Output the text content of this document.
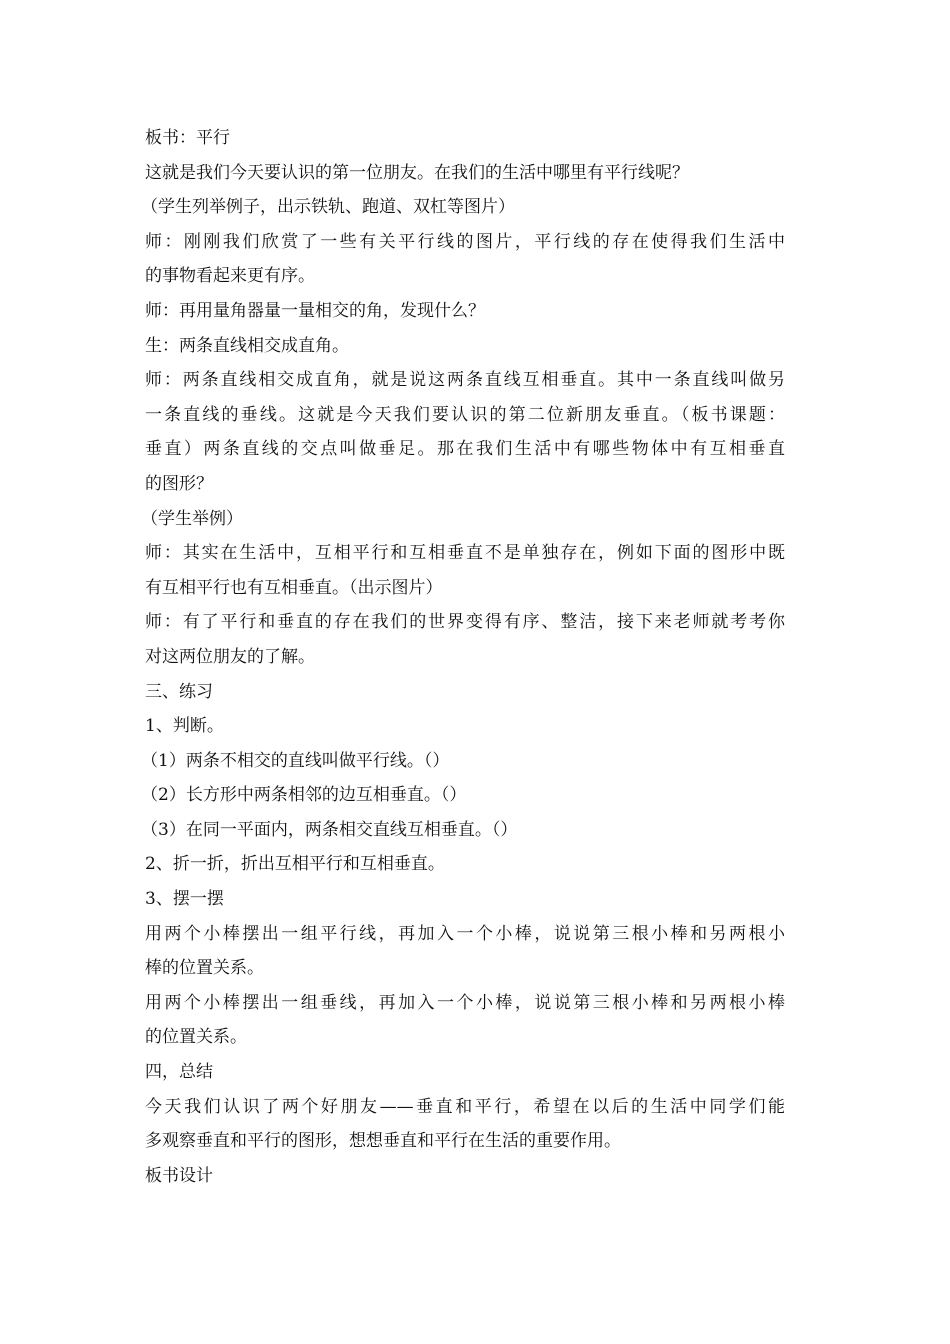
板书：平行
这就是我们今天要认识的第一位朋友。在我们的生活中哪里有平行线呢？
（学生列举例子，出示铁轨、跑道、双杠等图片）
师：刚刚我们欣赏了一些有关平行线的图片，平行线的存在使得我们生活中
的事物看起来更有序。
师：再用量角器量一量相交的角，发现什么？
生：两条直线相交成直角。
师：两条直线相交成直角，就是说这两条直线互相垂直。其中一条直线叫做另
一条直线的垂线。这就是今天我们要认识的第二位新朋友垂直。（板书课题：
垂直）两条直线的交点叫做垂足。那在我们生活中有哪些物体中有互相垂直
的图形？
（学生举例）
师：其实在生活中，互相平行和互相垂直不是单独存在，例如下面的图形中既
有互相平行也有互相垂直。（出示图片）
师：有了平行和垂直的存在我们的世界变得有序、整洁，接下来老师就考考你
对这两位朋友的了解。
三、练习
1、判断。
（1）两条不相交的直线叫做平行线。（）
（2）长方形中两条相邻的边互相垂直。（）
（3）在同一平面内，两条相交直线互相垂直。（）
2、折一折，折出互相平行和互相垂直。
3、摆一摆
用两个小棒摆出一组平行线，再加入一个小棒，说说第三根小棒和另两根小
棒的位置关系。
用两个小棒摆出一组垂线，再加入一个小棒，说说第三根小棒和另两根小棒
的位置关系。
四，总结
今天我们认识了两个好朋友——垂直和平行，希望在以后的生活中同学们能
多观察垂直和平行的图形，想想垂直和平行在生活的重要作用。
板书设计
